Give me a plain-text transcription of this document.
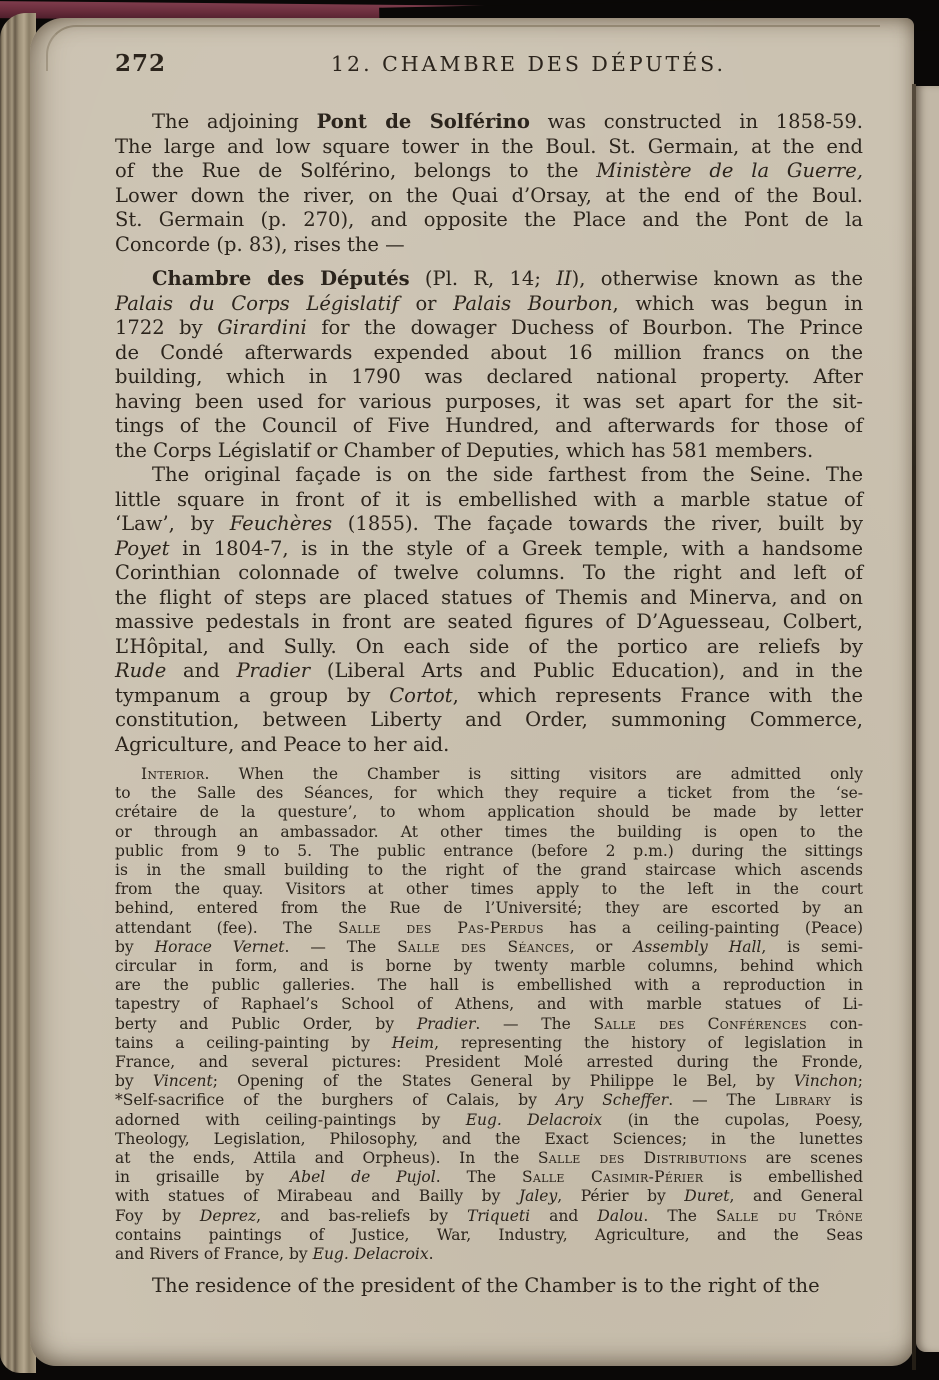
272	12. CHAMBRE DES DÉPUTÉS.
The adjoining Pont de Solférino was constructed in 1858-59.
The large and low square tower in the Boul. St. Germain, at the end
of the Rue de Solférino, belongs to the Ministère de la Guerre,
Lower down the river, on the Quai d’Orsay, at the end of the Boul.
St. Germain (p. 270), and opposite the Place and the Pont de la
Concorde (p. 83), rises the —
Chambre des Députés (Pl. R, 14; II), otherwise known as the
Palais du Corps Législatif or Palais Bourbon, which was begun in
1722 by Girardini for the dowager Duchess of Bourbon. The Prince
de Condé afterwards expended about 16 million francs on the
building, which in 1790 was declared national property. After
having been used for various purposes, it was set apart for the sit-
tings of the Council of Five Hundred, and afterwards for those of
the Corps Législatif or Chamber of Deputies, which has 581 members.
The original façade is on the side farthest from the Seine. The
little square in front of it is embellished with a marble statue of
‘Law’, by Feuchères (1855). The façade towards the river, built by
Poyet in 1804-7, is in the style of a Greek temple, with a handsome
Corinthian colonnade of twelve columns. To the right and left of
the flight of steps are placed statues of Themis and Minerva, and on
massive pedestals in front are seated figures of D’Aguesseau, Colbert,
L’Hôpital, and Sully. On each side of the portico are reliefs by
Rude and Pradier (Liberal Arts and Public Education), and in the
tympanum a group by Cortot, which represents France with the
constitution, between Liberty and Order, summoning Commerce,
Agriculture, and Peace to her aid.
Interior. When the Chamber is sitting visitors are admitted only
to the Salle des Séances, for which they require a ticket from the ‘se-
crétaire de la questure’, to whom application should be made by letter
or through an ambassador. At other times the building is open to the
public from 9 to 5. The public entrance (before 2 p.m.) during the sittings
is in the small building to the right of the grand staircase which ascends
from the quay. Visitors at other times apply to the left in the court
behind, entered from the Rue de l’Université; they are escorted by an
attendant (fee). The Salle des Pas-Perdus has a ceiling-painting (Peace)
by Horace Vernet. — The Salle des Séances, or Assembly Hall, is semi-
circular in form, and is borne by twenty marble columns, behind which
are the public galleries. The hall is embellished with a reproduction in
tapestry of Raphael’s School of Athens, and with marble statues of Li-
berty and Public Order, by Pradier. — The Salle des Conférences con-
tains a ceiling-painting by Heim, representing the history of legislation in
France, and several pictures: President Molé arrested during the Fronde,
by Vincent; Opening of the States General by Philippe le Bel, by Vinchon;
*Self-sacrifice of the burghers of Calais, by Ary Scheffer. — The Library is
adorned with ceiling-paintings by Eug. Delacroix (in the cupolas, Poesy,
Theology, Legislation, Philosophy, and the Exact Sciences; in the lunettes
at the ends, Attila and Orpheus). In the Salle des Distributions are scenes
in grisaille by Abel de Pujol. The Salle Casimir-Périer is embellished
with statues of Mirabeau and Bailly by Jaley, Périer by Duret, and General
Foy by Deprez, and bas-reliefs by Triqueti and Dalou. The Salle du Trône
contains paintings of Justice, War, Industry, Agriculture, and the Seas
and Rivers of France, by Eug. Delacroix.
The residence of the president of the Chamber is to the right of the
